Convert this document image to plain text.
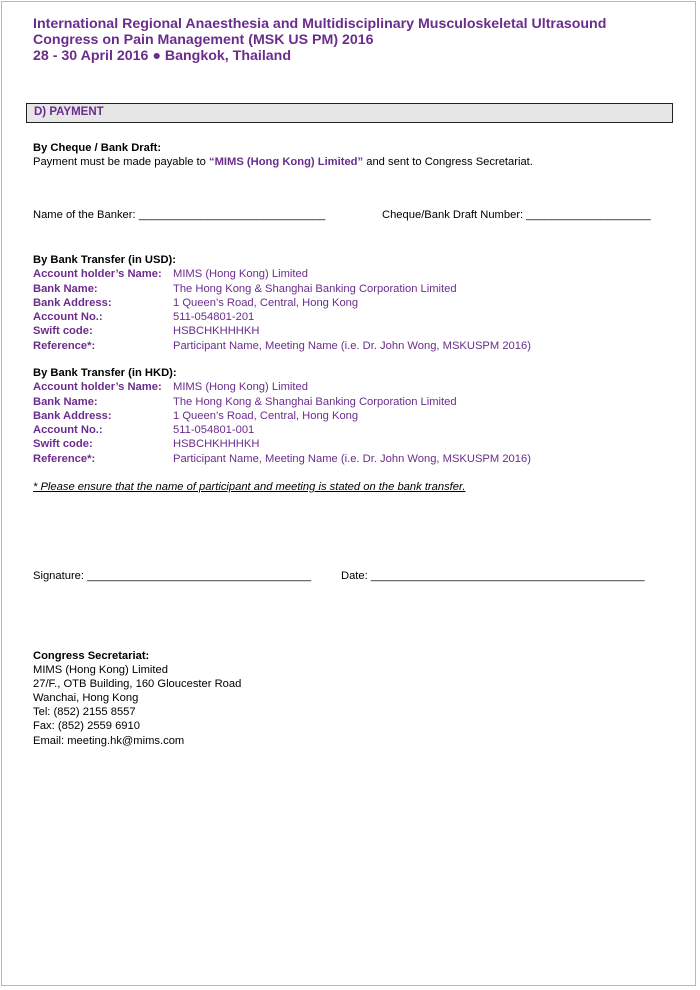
International Regional Anaesthesia and Multidisciplinary Musculoskeletal Ultrasound
Congress on Pain Management (MSK US PM) 2016
28 - 30 April 2016 ● Bangkok, Thailand
D) PAYMENT
By Cheque / Bank Draft:
Payment must be made payable to “MIMS (Hong Kong) Limited” and sent to Congress Secretariat.
Name of the Banker: ______________________________	Cheque/Bank Draft Number: ____________________
By Bank Transfer (in USD):
Account holder’s Name: MIMS (Hong Kong) Limited
Bank Name:	The Hong Kong & Shanghai Banking Corporation Limited
Bank Address:	1 Queen’s Road, Central, Hong Kong
Account No.:	511-054801-201
Swift code:	HSBCHKHHHKH
Reference*:	Participant Name, Meeting Name (i.e. Dr. John Wong, MSKUSPM 2016)
By Bank Transfer (in HKD):
Account holder’s Name: MIMS (Hong Kong) Limited
Bank Name:	The Hong Kong & Shanghai Banking Corporation Limited
Bank Address:	1 Queen’s Road, Central, Hong Kong
Account No.:	511-054801-001
Swift code:	HSBCHKHHHKH
Reference*:	Participant Name, Meeting Name (i.e. Dr. John Wong, MSKUSPM 2016)
* Please ensure that the name of participant and meeting is stated on the bank transfer.
Signature: ____________________________________	Date: ____________________________________________
Congress Secretariat:
MIMS (Hong Kong) Limited
27/F., OTB Building, 160 Gloucester Road
Wanchai, Hong Kong
Tel: (852) 2155 8557
Fax: (852) 2559 6910
Email: meeting.hk@mims.com
